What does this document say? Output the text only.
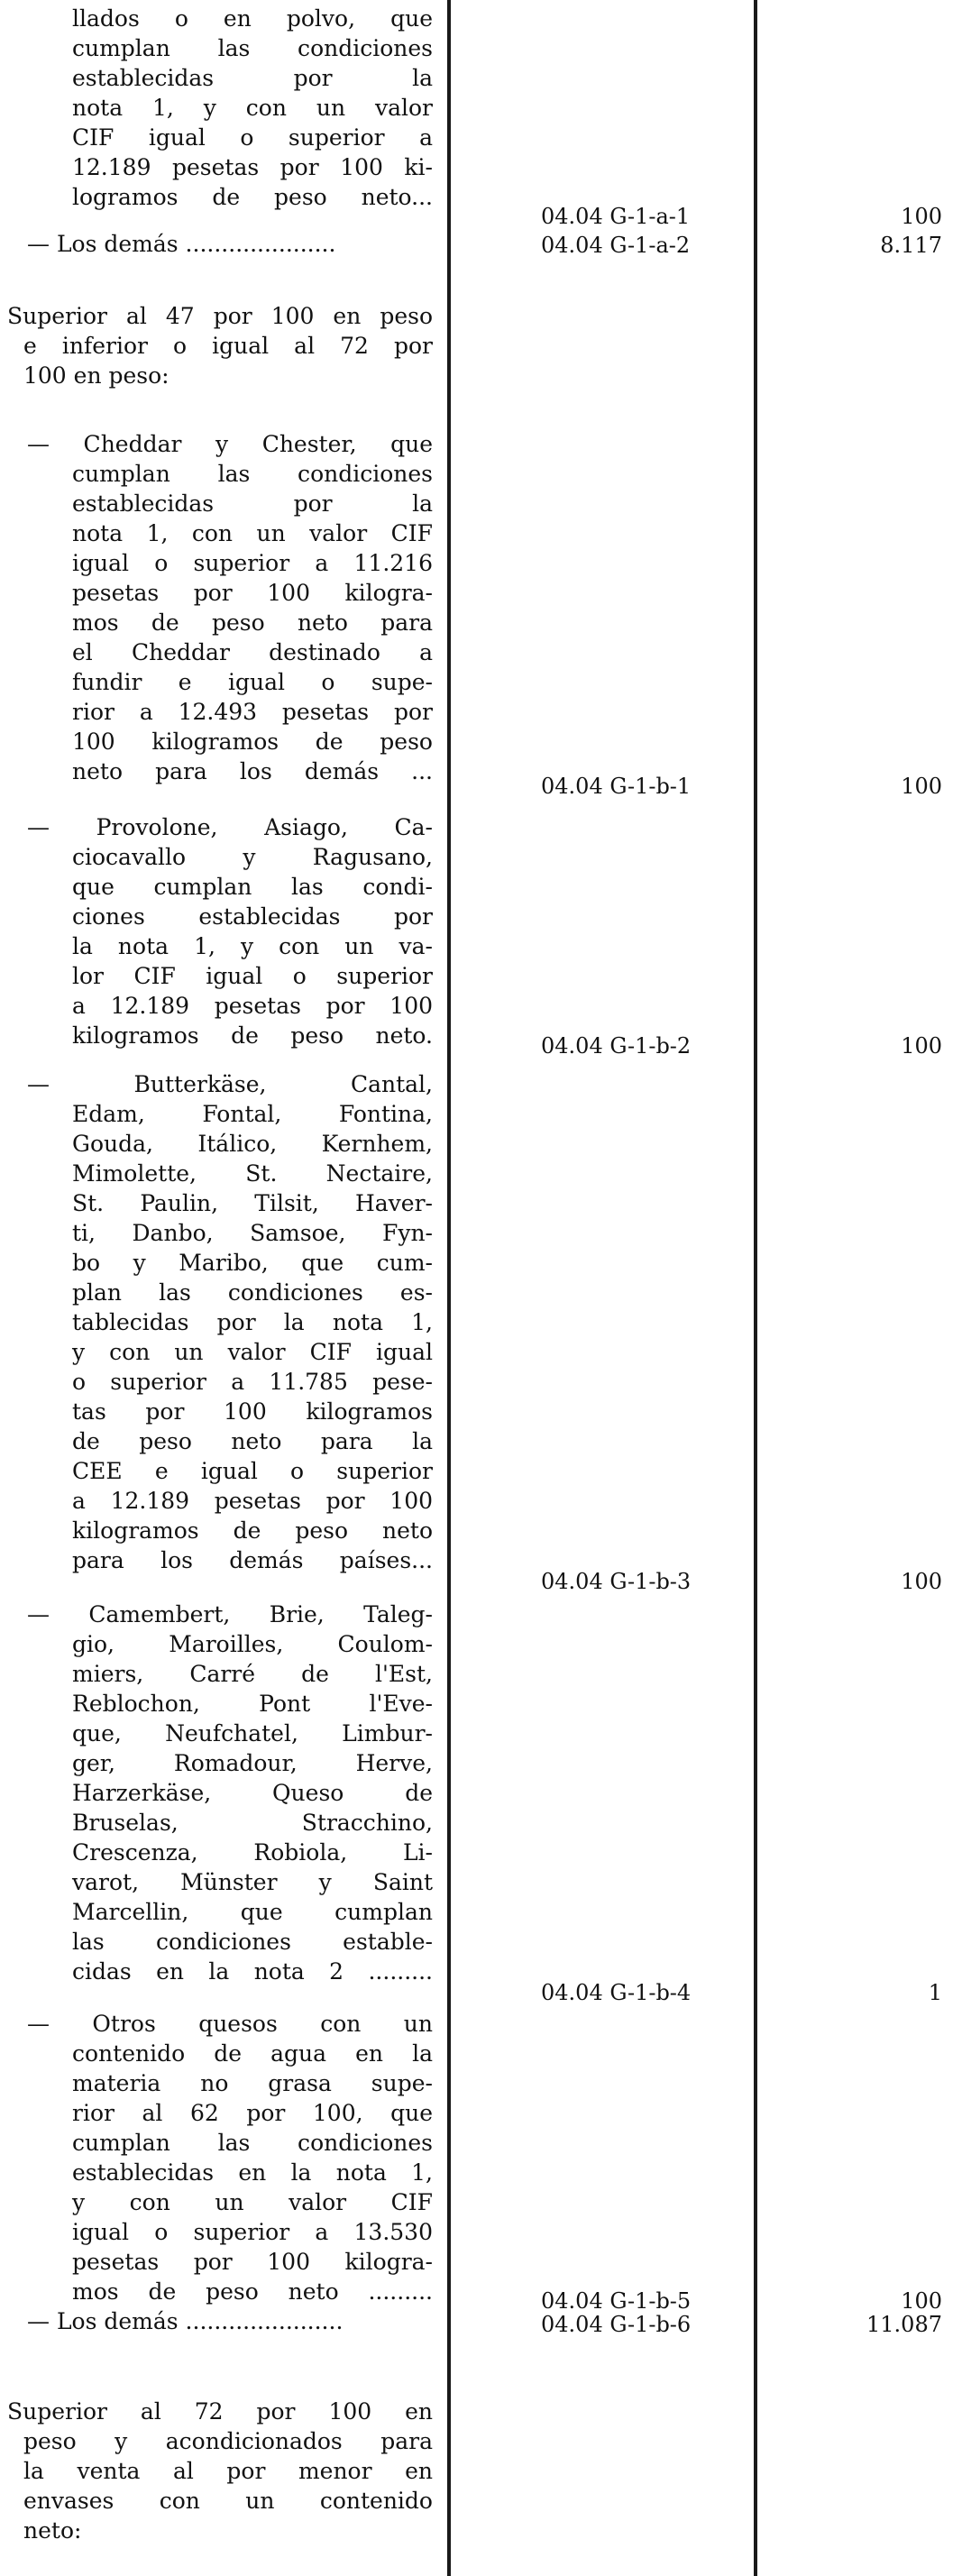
llados o en polvo, que
cumplan las condiciones
establecidas por la
nota 1, y con un valor
CIF igual o superior a
12.189 pesetas por 100 ki-
logramos de peso neto...
04.04 G-1-a-1	100
— Los demás .....................	04.04 G-1-a-2	8.117
Superior al 47 por 100 en peso
e inferior o igual al 72 por
100 en peso:
— Cheddar y Chester, que
cumplan las condiciones
establecidas por la
nota 1, con un valor CIF
igual o superior a 11.216
pesetas por 100 kilogra-
mos de peso neto para
el Cheddar destinado a
fundir e igual o supe-
rior a 12.493 pesetas por
100 kilogramos de peso
neto para los demás ...
04.04 G-1-b-1	100
— Provolone, Asiago, Ca-
ciocavallo y Ragusano,
que cumplan las condi-
ciones establecidas por
la nota 1, y con un va-
lor CIF igual o superior
a 12.189 pesetas por 100
kilogramos de peso neto.	04.04 G-1-b-2	100
— Butterkäse, Cantal,
Edam, Fontal, Fontina,
Gouda, Itálico, Kernhem,
Mimolette, St. Nectaire,
St. Paulin, Tilsit, Haver-
ti, Danbo, Samsoe, Fyn-
bo y Maribo, que cum-
plan las condiciones es-
tablecidas por la nota 1,
y con un valor CIF igual
o superior a 11.785 pese-
tas por 100 kilogramos
de peso neto para la
CEE e igual o superior
a 12.189 pesetas por 100
kilogramos de peso neto
para los demás países...
04.04 G-1-b-3	100
— Camembert, Brie, Taleg-
gio, Maroilles, Coulom-
miers, Carré de l'Est,
Reblochon, Pont l'Eve-
que, Neufchatel, Limbur-
ger, Romadour, Herve,
Harzerkäse, Queso de
Bruselas, Stracchino,
Crescenza, Robiola, Li-
varot, Münster y Saint
Marcellin, que cumplan
las condiciones estable-
cidas en la nota 2 .........
04.04 G-1-b-4	1
— Otros quesos con un
contenido de agua en la
materia no grasa supe-
rior al 62 por 100, que
cumplan las condiciones
establecidas en la nota 1,
y con un valor CIF
igual o superior a 13.530
pesetas por 100 kilogra-
mos de peso neto .........	04.04 G-1-b-5	100
— Los demás ......................	04.04 G-1-b-6	11.087
Superior al 72 por 100 en
peso y acondicionados para
la venta al por menor en
envases con un contenido
neto:
